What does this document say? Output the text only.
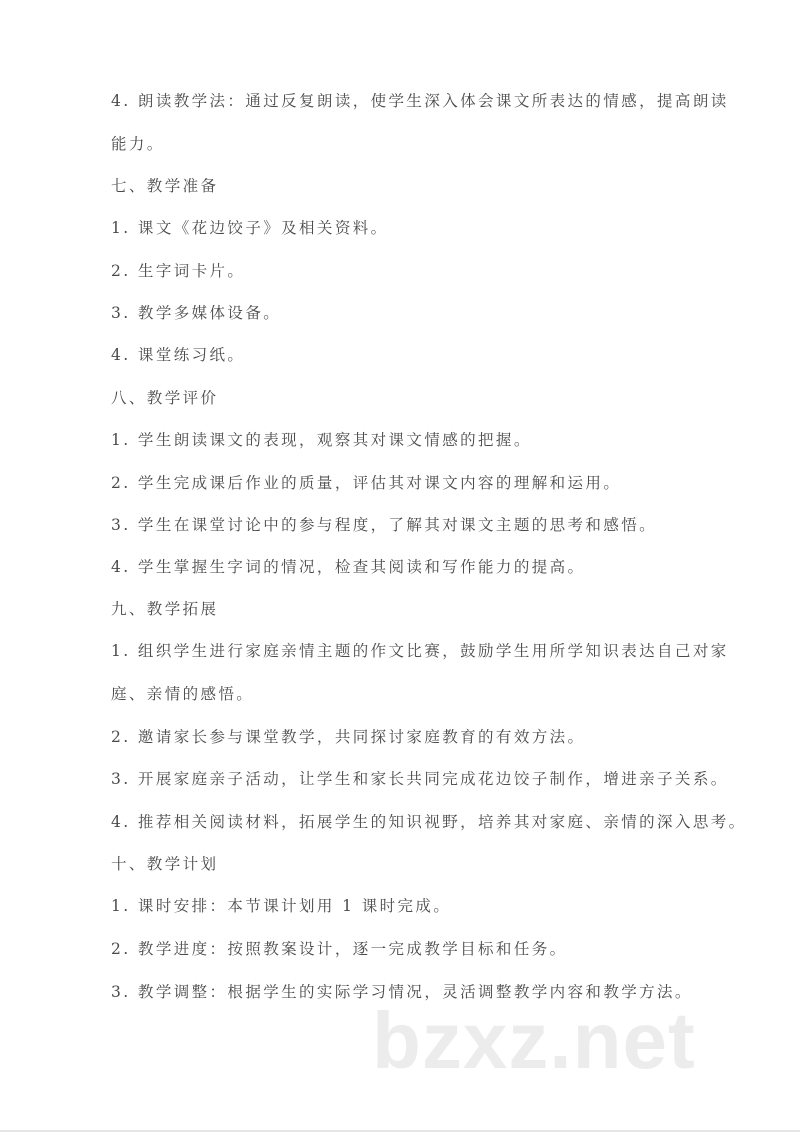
4. 朗读教学法：通过反复朗读，使学生深入体会课文所表达的情感，提高朗读
能力。
七、教学准备
1. 课文《花边饺子》及相关资料。
2. 生字词卡片。
3. 教学多媒体设备。
4. 课堂练习纸。
八、教学评价
1. 学生朗读课文的表现，观察其对课文情感的把握。
2. 学生完成课后作业的质量，评估其对课文内容的理解和运用。
3. 学生在课堂讨论中的参与程度，了解其对课文主题的思考和感悟。
4. 学生掌握生字词的情况，检查其阅读和写作能力的提高。
九、教学拓展
1. 组织学生进行家庭亲情主题的作文比赛，鼓励学生用所学知识表达自己对家
庭、亲情的感悟。
2. 邀请家长参与课堂教学，共同探讨家庭教育的有效方法。
3. 开展家庭亲子活动，让学生和家长共同完成花边饺子制作，增进亲子关系。
4. 推荐相关阅读材料，拓展学生的知识视野，培养其对家庭、亲情的深入思考。
十、教学计划
1. 课时安排：本节课计划用 1 课时完成。
2. 教学进度：按照教案设计，逐一完成教学目标和任务。
3. 教学调整：根据学生的实际学习情况，灵活调整教学内容和教学方法。
bzxz.net
